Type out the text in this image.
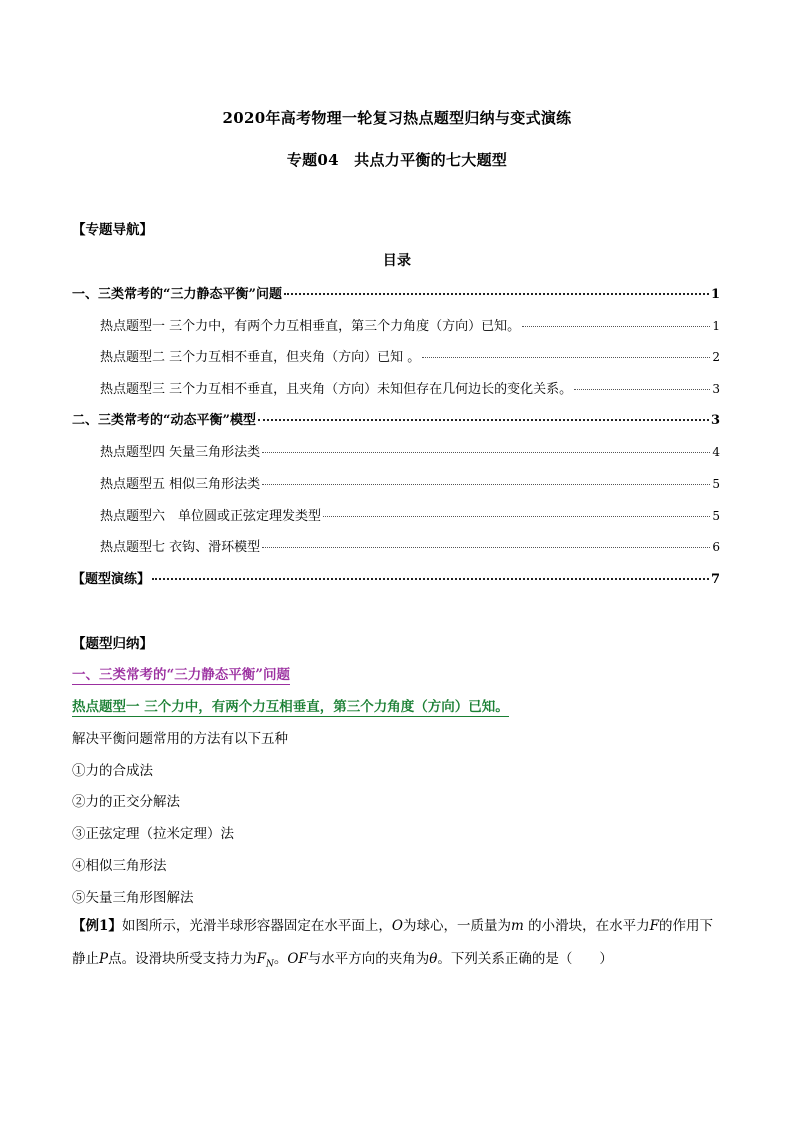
2020年高考物理一轮复习热点题型归纳与变式演练
专题04　共点力平衡的七大题型
【专题导航】
目录
一、三类常考的“三力静态平衡”问题	1
热点题型一 三个力中，有两个力互相垂直，第三个力角度（方向）已知。	1
热点题型二 三个力互相不垂直，但夹角（方向）已知 。	2
热点题型三 三个力互相不垂直，且夹角（方向）未知但存在几何边长的变化关系。	3
二、三类常考的“动态平衡”模型	3
热点题型四 矢量三角形法类	4
热点题型五 相似三角形法类	5
热点题型六　单位圆或正弦定理发类型	5
热点题型七 衣钩、滑环模型	6
【题型演练】	7
【题型归纳】
一、三类常考的“三力静态平衡”问题
热点题型一 三个力中，有两个力互相垂直，第三个力角度（方向）已知。
解决平衡问题常用的方法有以下五种
①力的合成法
②力的正交分解法
③正弦定理（拉米定理）法
④相似三角形法
⑤矢量三角形图解法
【例1】如图所示，光滑半球形容器固定在水平面上，O为球心，一质量为m 的小滑块，在水平力F的作用下静止P点。设滑块所受支持力为$F_N$。OF与水平方向的夹角为θ。下列关系正确的是（　　）
